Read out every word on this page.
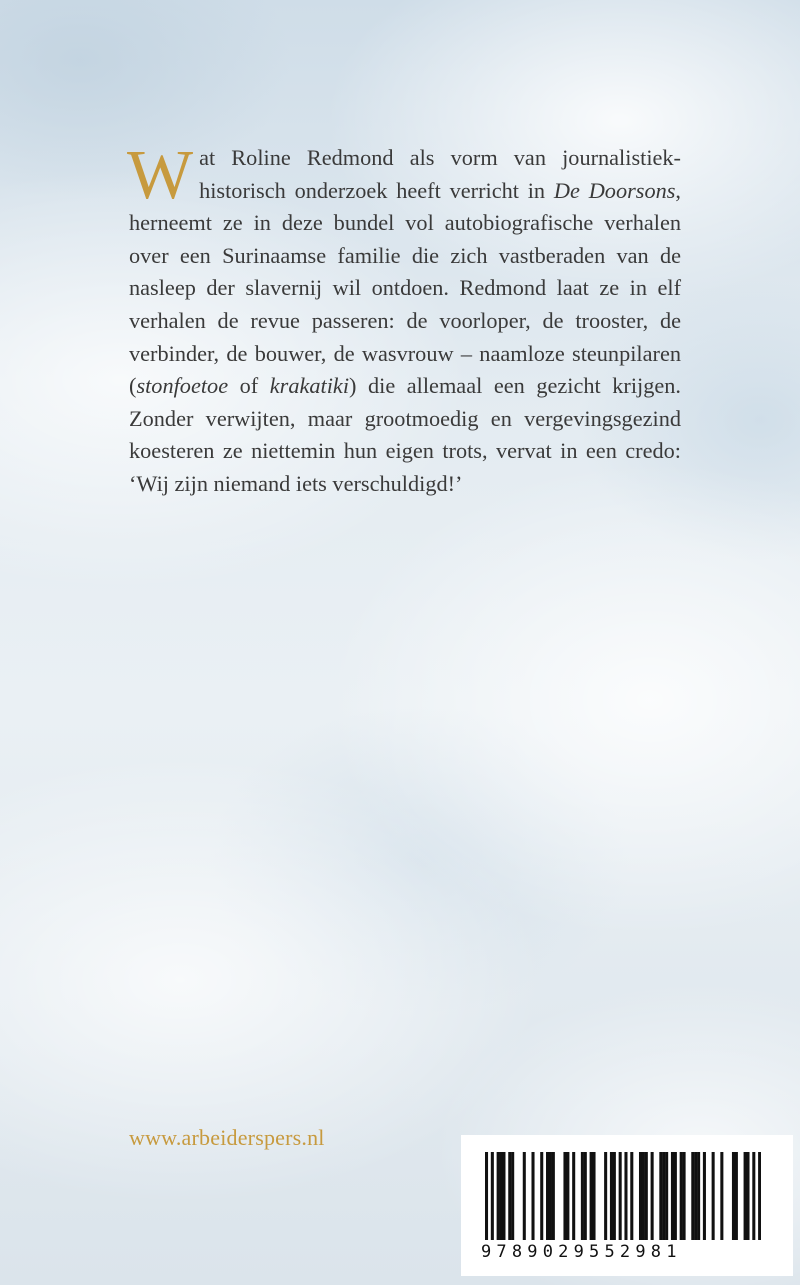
Wat Roline Redmond als vorm van journalistiek-historisch onderzoek heeft verricht in De Doorsons, herneemt ze in deze bundel vol autobiografische verhalen over een Surinaamse familie die zich vastberaden van de nasleep der slavernij wil ontdoen. Redmond laat ze in elf verhalen de revue passeren: de voorloper, de trooster, de verbinder, de bouwer, de wasvrouw – naamloze steunpilaren (stonfoetoe of krakatiki) die allemaal een gezicht krijgen. Zonder verwijten, maar grootmoedig en vergevingsgezind koesteren ze niettemin hun eigen trots, vervat in een credo: ‘Wij zijn niemand iets verschuldigd!’

www.arbeiderspers.nl
9789029552981
